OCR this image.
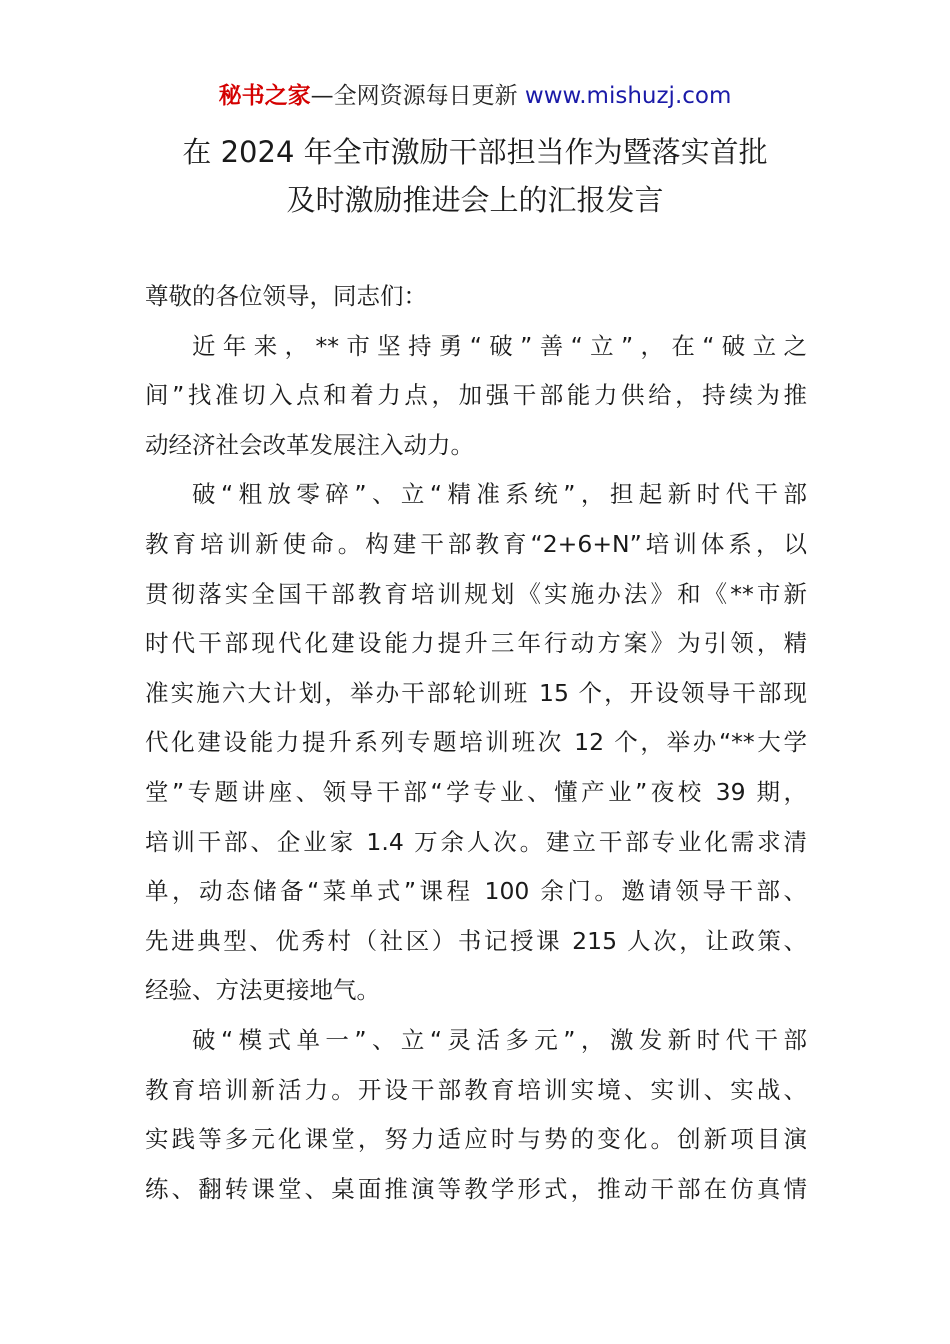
秘书之家—全网资源每日更新 www.mishuzj.com
在 2024 年全市激励干部担当作为暨落实首批
及时激励推进会上的汇报发言
尊敬的各位领导，同志们：
近年来，**市坚持勇“破”善“立”，在“破立之
间”找准切入点和着力点，加强干部能力供给，持续为推
动经济社会改革发展注入动力。
破“粗放零碎”、立“精准系统”，担起新时代干部
教育培训新使命。构建干部教育“2+6+N”培训体系，以
贯彻落实全国干部教育培训规划《实施办法》和《**市新
时代干部现代化建设能力提升三年行动方案》为引领，精
准实施六大计划，举办干部轮训班 15 个，开设领导干部现
代化建设能力提升系列专题培训班次 12 个，举办“**大学
堂”专题讲座、领导干部“学专业、懂产业”夜校 39 期，
培训干部、企业家 1.4 万余人次。建立干部专业化需求清
单，动态储备“菜单式”课程 100 余门。邀请领导干部、
先进典型、优秀村（社区）书记授课 215 人次，让政策、
经验、方法更接地气。
破“模式单一”、立“灵活多元”，激发新时代干部
教育培训新活力。开设干部教育培训实境、实训、实战、
实践等多元化课堂，努力适应时与势的变化。创新项目演
练、翻转课堂、桌面推演等教学形式，推动干部在仿真情
